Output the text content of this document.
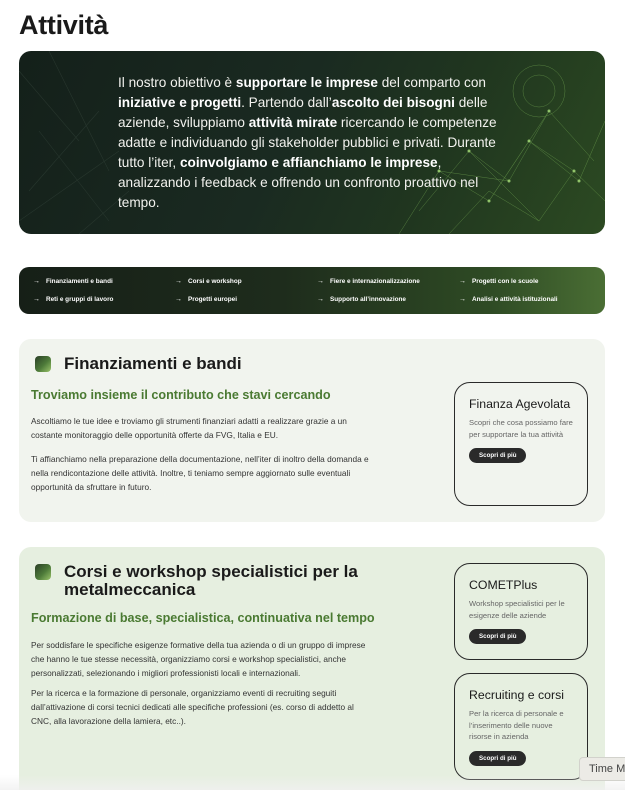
Attività

Il nostro obiettivo è supportare le imprese del comparto con iniziative e progetti. Partendo dall’ascolto dei bisogni delle aziende, sviluppiamo attività mirate ricercando le competenze adatte e individuando gli stakeholder pubblici e privati. Durante tutto l’iter, coinvolgiamo e affianchiamo le imprese, analizzando i feedback e offrendo un confronto proattivo nel tempo.

→ Finanziamenti e bandi	→ Corsi e workshop	→ Fiere e internazionalizzazione	→ Progetti con le scuole
→ Reti e gruppi di lavoro	→ Progetti europei	→ Supporto all’innovazione	→ Analisi e attività istituzionali
Finanziamenti e bandi
Troviamo insieme il contributo che stavi cercando

Ascoltiamo le tue idee e troviamo gli strumenti finanziari adatti a realizzare grazie a un costante monitoraggio delle opportunità offerte da FVG, Italia e EU.

Ti affianchiamo nella preparazione della documentazione, nell’iter di inoltro della domanda e nella rendicontazione delle attività. Inoltre, ti teniamo sempre aggiornato sulle eventuali opportunità da sfruttare in futuro.

Finanza Agevolata
Scopri che cosa possiamo fare per supportare la tua attività
Scopri di più
Corsi e workshop specialistici per la metalmeccanica
Formazione di base, specialistica, continuativa nel tempo

Per soddisfare le specifiche esigenze formative della tua azienda o di un gruppo di imprese che hanno le tue stesse necessità, organizziamo corsi e workshop specialistici, anche personalizzati, selezionando i migliori professionisti locali e internazionali.

Per la ricerca e la formazione di personale, organizziamo eventi di recruiting seguiti dall’attivazione di corsi tecnici dedicati alle specifiche professioni (es. corso di addetto al CNC, alla lavorazione della lamiera, etc..).

COMETPlus
Workshop specialistici per le esigenze delle aziende
Scopri di più
Recruiting e corsi
Per la ricerca di personale e l’inserimento delle nuove risorse in azienda
Scopri di più
Time M
